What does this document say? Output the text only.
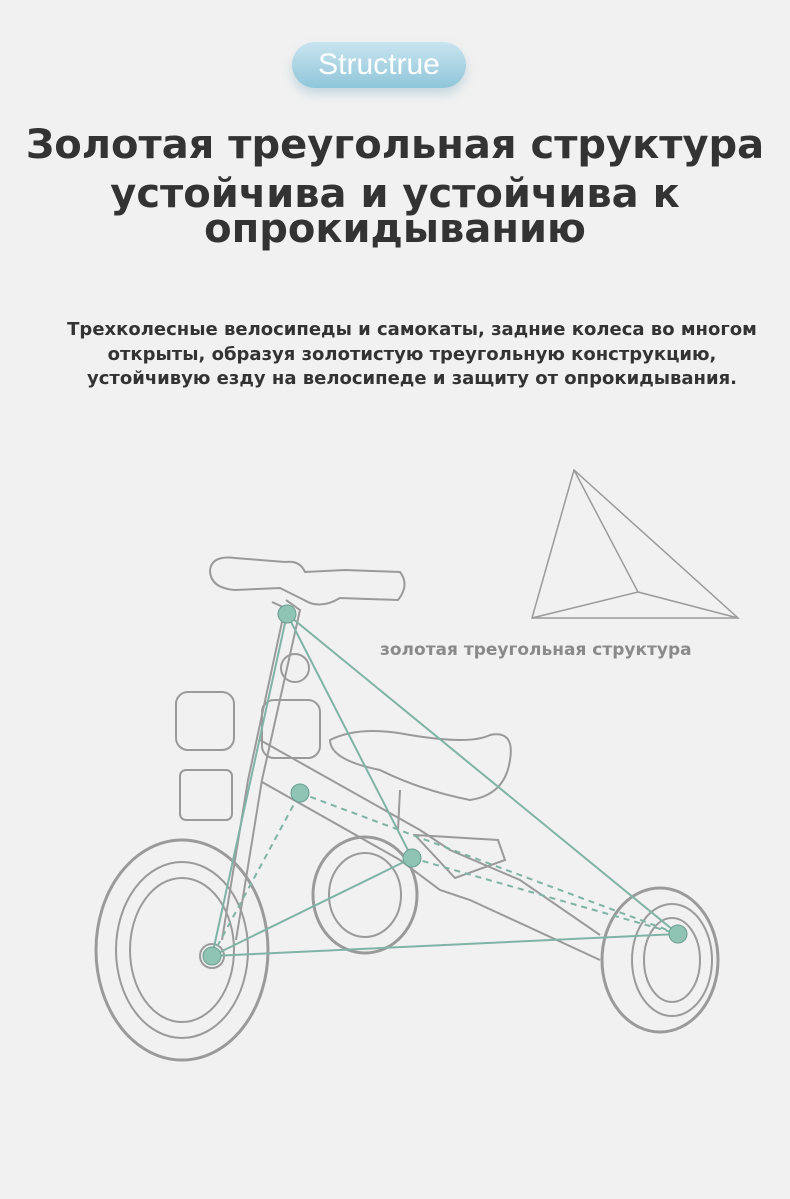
Structrue
Золотая треугольная структура
устойчива и устойчива к
опрокидыванию
Трехколесные велосипеды и самокаты, задние колеса во многом
открыты, образуя золотистую треугольную конструкцию,
устойчивую езду на велосипеде и защиту от опрокидывания.
золотая треугольная структура
